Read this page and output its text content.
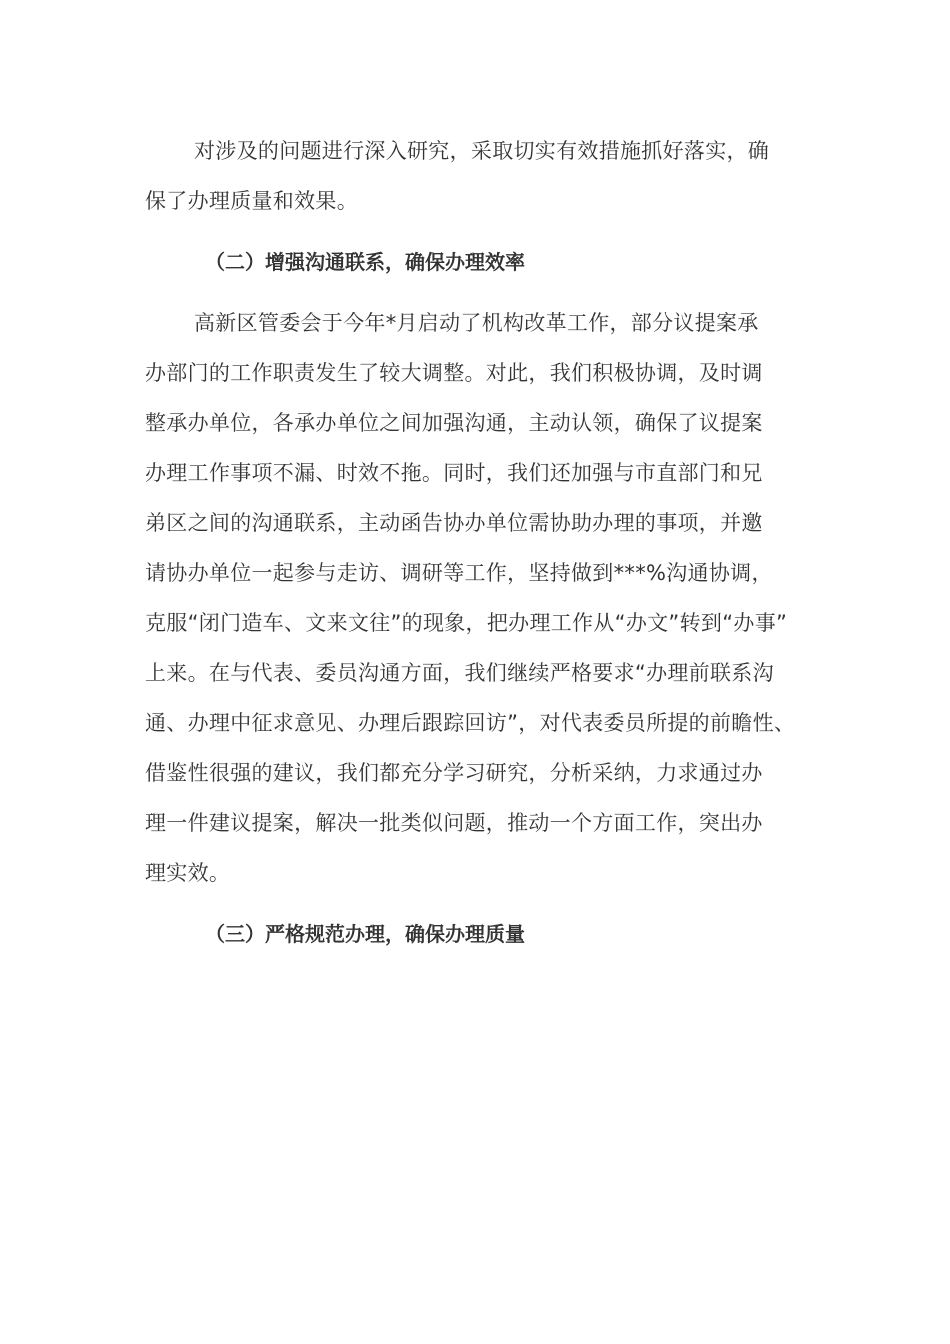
对涉及的问题进行深入研究，采取切实有效措施抓好落实，确
保了办理质量和效果。
（二）增强沟通联系，确保办理效率
高新区管委会于今年*月启动了机构改革工作，部分议提案承
办部门的工作职责发生了较大调整。对此，我们积极协调，及时调
整承办单位，各承办单位之间加强沟通，主动认领，确保了议提案
办理工作事项不漏、时效不拖。同时，我们还加强与市直部门和兄
弟区之间的沟通联系，主动函告协办单位需协助办理的事项，并邀
请协办单位一起参与走访、调研等工作，坚持做到***%沟通协调，
克服“闭门造车、文来文往”的现象，把办理工作从“办文”转到“办事”
上来。在与代表、委员沟通方面，我们继续严格要求“办理前联系沟
通、办理中征求意见、办理后跟踪回访”，对代表委员所提的前瞻性、
借鉴性很强的建议，我们都充分学习研究，分析采纳，力求通过办
理一件建议提案，解决一批类似问题，推动一个方面工作，突出办
理实效。
（三）严格规范办理，确保办理质量
